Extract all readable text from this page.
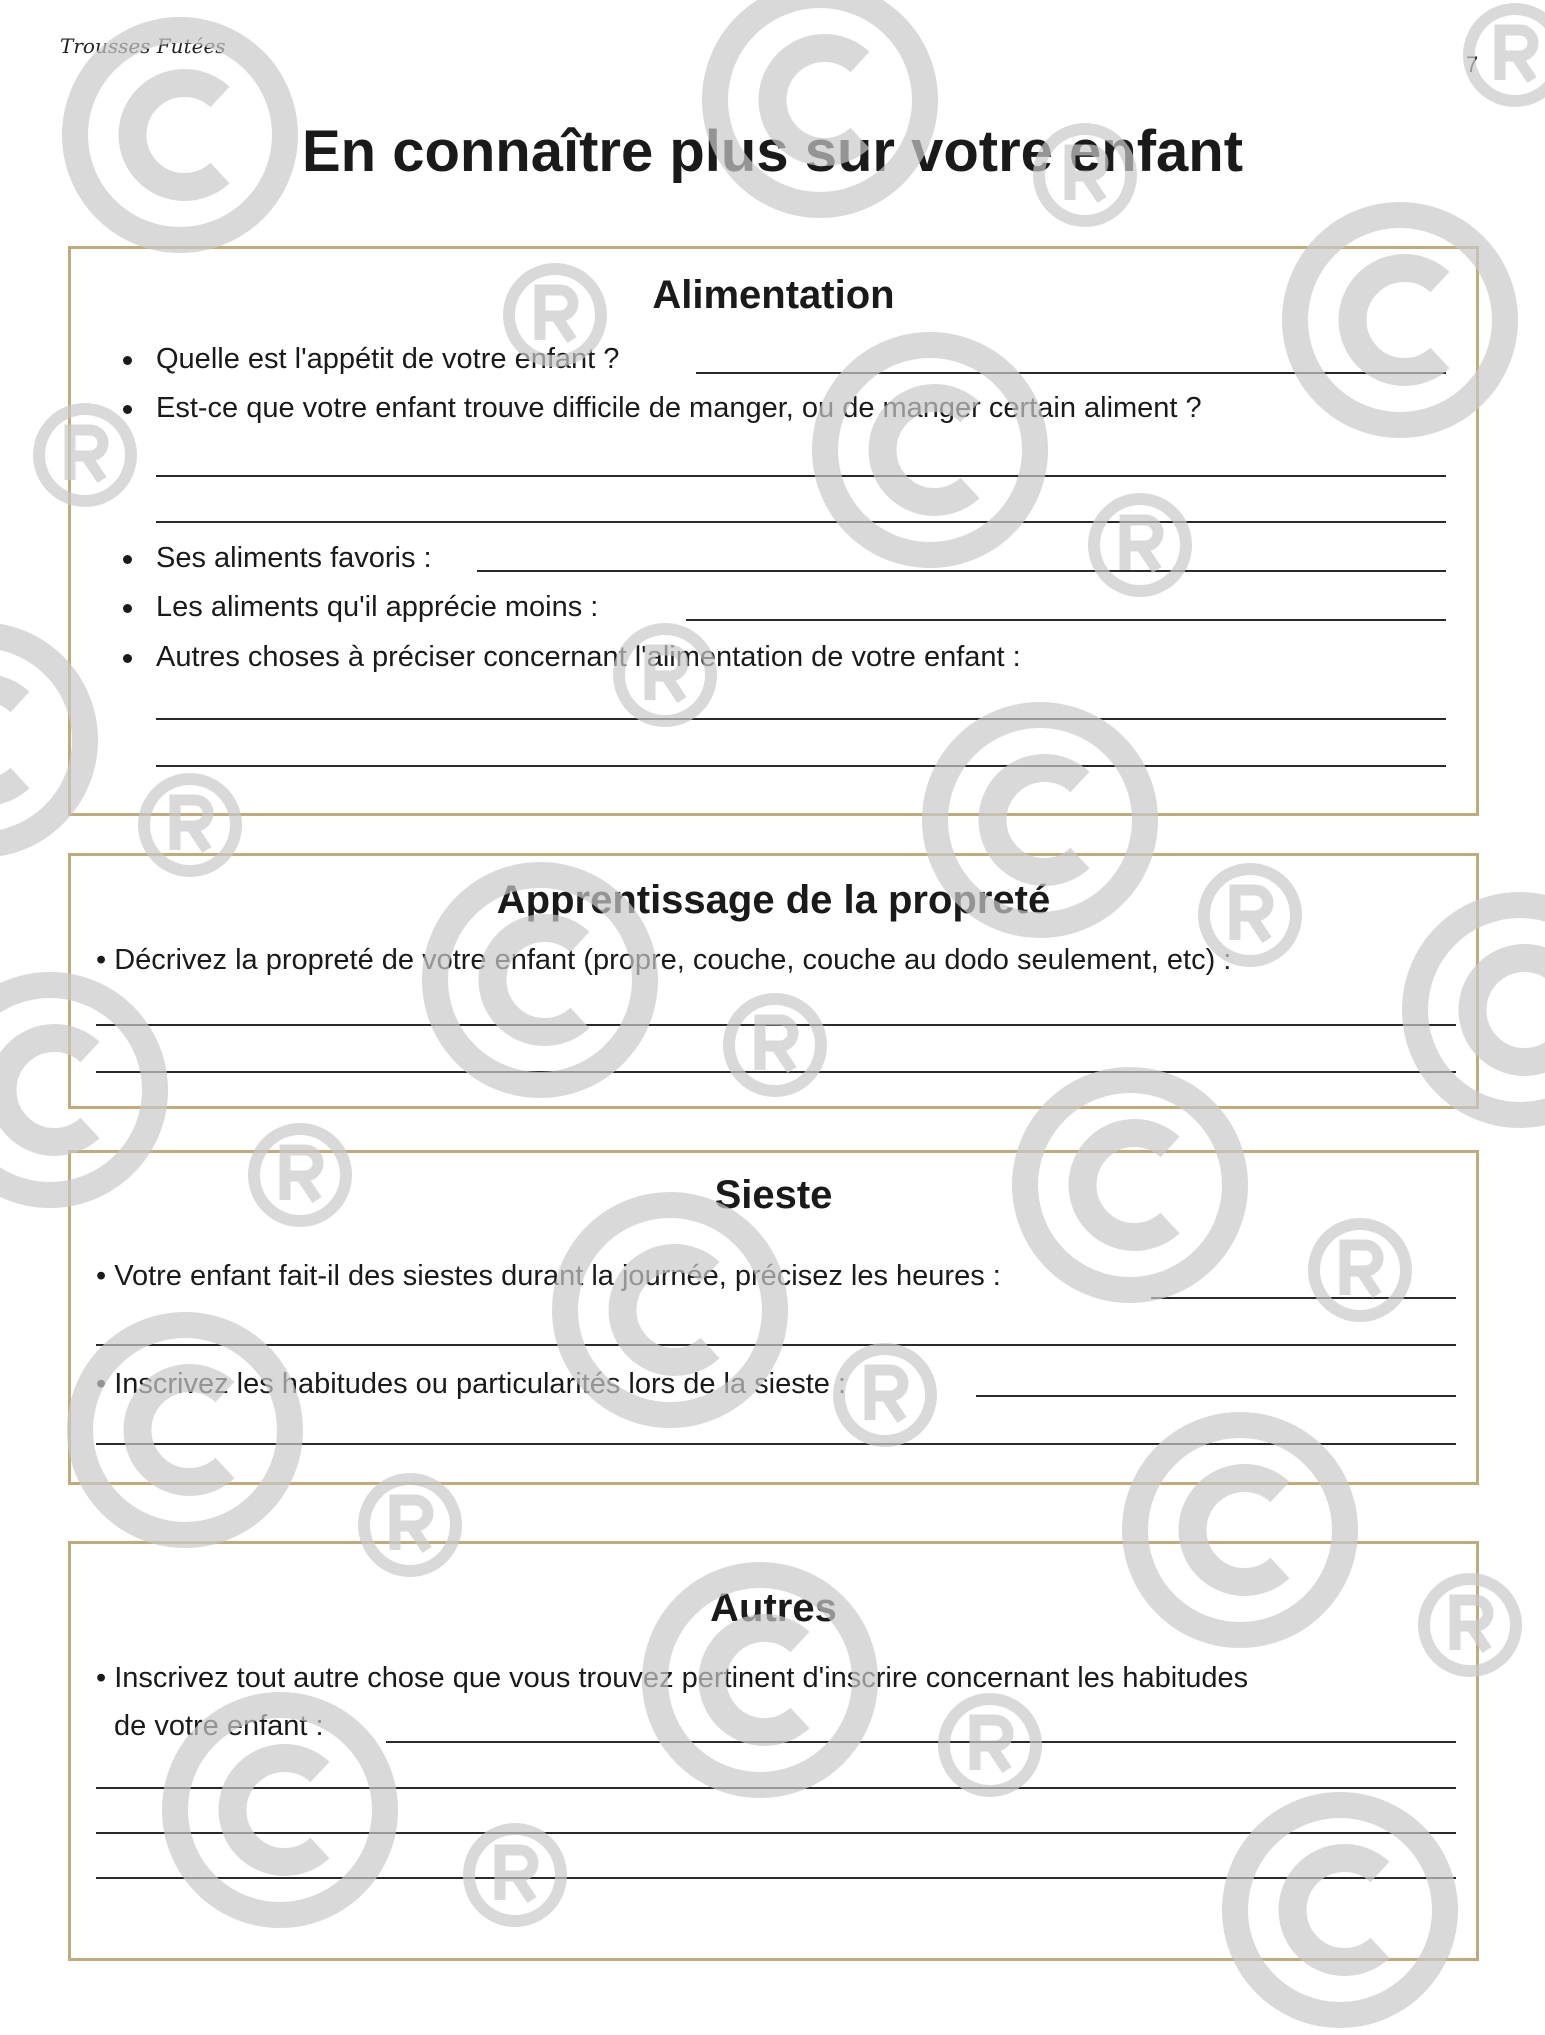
Trousses Futées
7
En connaître plus sur votre enfant
Alimentation
Quelle est l'appétit de votre enfant ?
Est-ce que votre enfant trouve difficile de manger, ou de manger certain aliment ?
Ses aliments favoris :
Les aliments qu'il apprécie moins :
Autres choses à préciser concernant l'alimentation de votre enfant :
Apprentissage de la propreté
• Décrivez la propreté de votre enfant (propre, couche, couche au dodo seulement, etc) :
Sieste
• Votre enfant fait-il des siestes durant la journée, précisez les heures :
• Inscrivez les habitudes ou particularités lors de la sieste :
Autres
• Inscrivez tout autre chose que vous trouvez pertinent d'inscrire concernant les habitudes
de votre enfant :
